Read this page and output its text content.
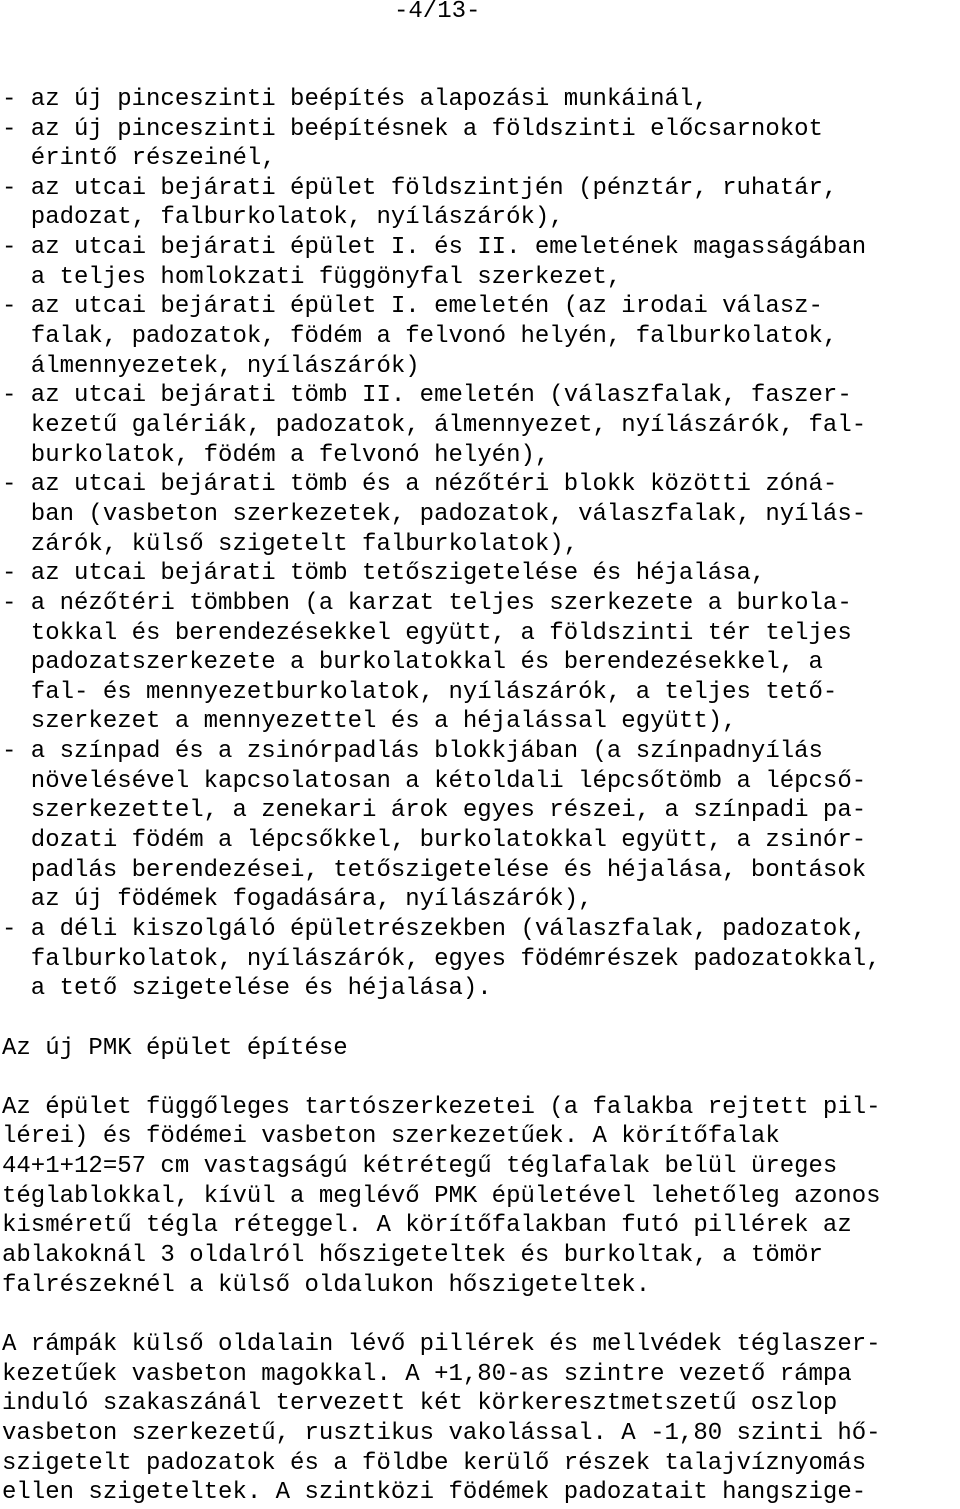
-4/13-
- az új pinceszinti beépítés alapozási munkáinál,
- az új pinceszinti beépítésnek a földszinti előcsarnokot
érintő részeinél,
- az utcai bejárati épület földszintjén (pénztár, ruhatár,
padozat, falburkolatok, nyílászárók),
- az utcai bejárati épület I. és II. emeletének magasságában
a teljes homlokzati függönyfal szerkezet,
- az utcai bejárati épület I. emeletén (az irodai válasz-
falak, padozatok, födém a felvonó helyén, falburkolatok,
álmennyezetek, nyílászárók)
- az utcai bejárati tömb II. emeletén (válaszfalak, faszer-
kezetű galériák, padozatok, álmennyezet, nyílászárók, fal-
burkolatok, födém a felvonó helyén),
- az utcai bejárati tömb és a nézőtéri blokk közötti zóná-
ban (vasbeton szerkezetek, padozatok, válaszfalak, nyílás-
zárók, külső szigetelt falburkolatok),
- az utcai bejárati tömb tetőszigetelése és héjalása,
- a nézőtéri tömbben (a karzat teljes szerkezete a burkola-
tokkal és berendezésekkel együtt, a földszinti tér teljes
padozatszerkezete a burkolatokkal és berendezésekkel, a
fal- és mennyezetburkolatok, nyílászárók, a teljes tető-
szerkezet a mennyezettel és a héjalással együtt),
- a színpad és a zsinórpadlás blokkjában (a színpadnyílás
növelésével kapcsolatosan a kétoldali lépcsőtömb a lépcső-
szerkezettel, a zenekari árok egyes részei, a színpadi pa-
dozati födém a lépcsőkkel, burkolatokkal együtt, a zsinór-
padlás berendezései, tetőszigetelése és héjalása, bontások
az új födémek fogadására, nyílászárók),
- a déli kiszolgáló épületrészekben (válaszfalak, padozatok,
falburkolatok, nyílászárók, egyes födémrészek padozatokkal,
a tető szigetelése és héjalása).
Az új PMK épület építése
Az épület függőleges tartószerkezetei (a falakba rejtett pil-
lérei) és födémei vasbeton szerkezetűek. A körítőfalak
44+1+12=57 cm vastagságú kétrétegű téglafalak belül üreges
téglablokkal, kívül a meglévő PMK épületével lehetőleg azonos
kisméretű tégla réteggel. A körítőfalakban futó pillérek az
ablakoknál 3 oldalról hőszigeteltek és burkoltak, a tömör
falrészeknél a külső oldalukon hőszigeteltek.
A rámpák külső oldalain lévő pillérek és mellvédek téglaszer-
kezetűek vasbeton magokkal. A +1,80-as szintre vezető rámpa
induló szakaszánál tervezett két körkeresztmetszetű oszlop
vasbeton szerkezetű, rusztikus vakolással. A -1,80 szinti hő-
szigetelt padozatok és a földbe kerülő részek talajvíznyomás
ellen szigeteltek. A szintközi födémek padozatait hangszige-
